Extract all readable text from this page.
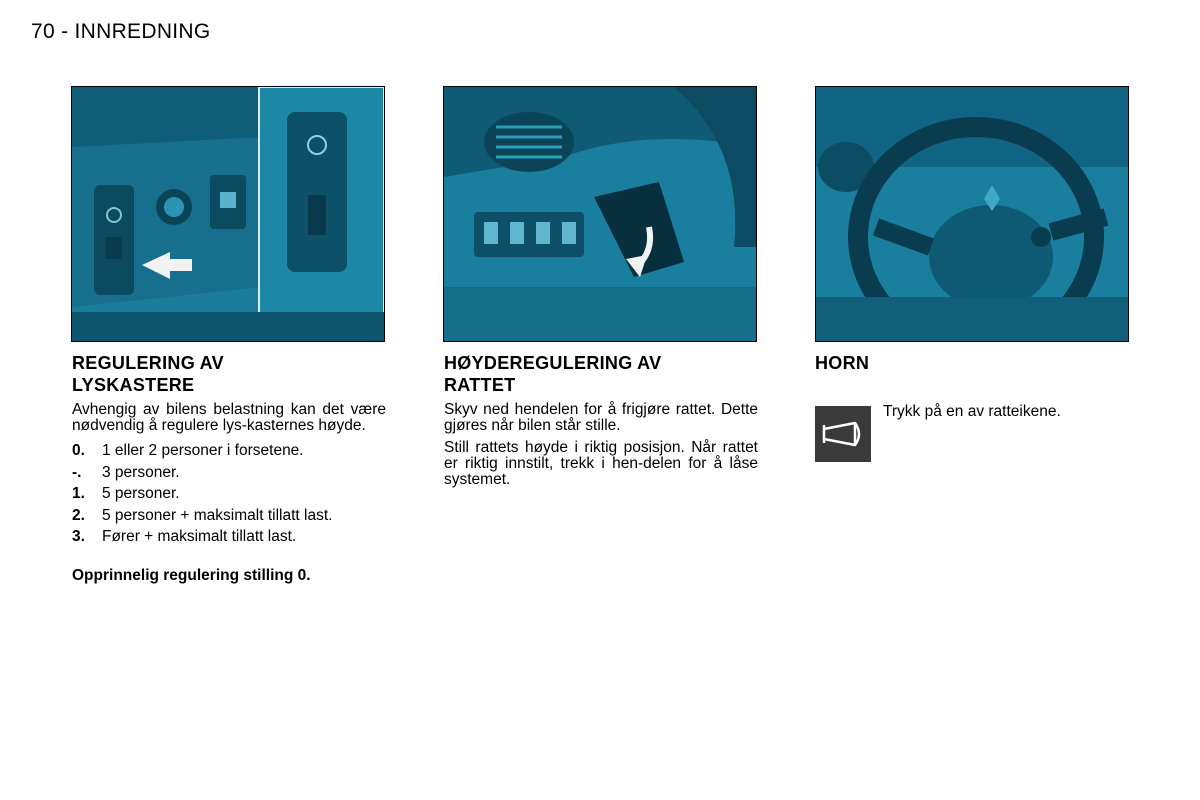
70 - INNREDNING
REGULERING AV
LYSKASTERE

Avhengig av bilens belastning kan det være nødvendig å regulere lys-kasternes høyde.

0.	1 eller 2 personer i forsetene.
-.	3 personer.
1.	5 personer.
2.	5 personer + maksimalt tillatt last.
3.	Fører + maksimalt tillatt last.
Opprinnelig regulering stilling 0.
HØYDEREGULERING AV
RATTET

Skyv ned hendelen for å frigjøre rattet. Dette gjøres når bilen står stille.

Still rattets høyde i riktig posisjon. Når rattet er riktig innstilt, trekk i hen-delen for å låse systemet.

HORN
Trykk på en av ratteikene.
